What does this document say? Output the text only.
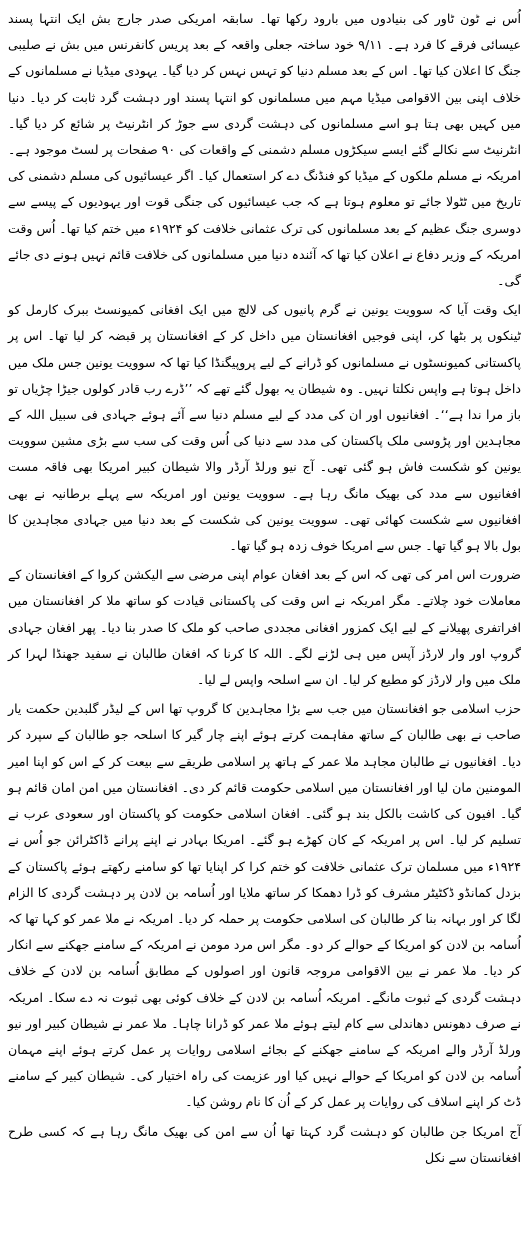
اُس نے ٹون ٹاور کی بنیادوں میں بارود رکھا تھا۔ سابقہ امریکی صدر جارج بش ایک انتہا پسند عیسائی فرقے کا فرد ہے۔ ۹/۱۱ خود ساختہ جعلی واقعہ کے بعد پریس کانفرنس میں بش نے صلیبی جنگ کا اعلان کیا تھا۔ اس کے بعد مسلم دنیا کو تہس نہس کر دیا گیا۔ یہودی میڈیا نے مسلمانوں کے خلاف اپنی بین الاقوامی میڈیا مہم میں مسلمانوں کو انتہا پسند اور دہشت گرد ثابت کر دیا۔ دنیا میں کہیں بھی ہتا ہو اسے مسلمانوں کی دہشت گردی سے جوڑ کر انٹرنیٹ پر شائع کر دیا گیا۔ انٹرنیٹ سے نکالے گئے ایسے سیکڑوں مسلم دشمنی کے واقعات کی ۹۰ صفحات پر لسٹ موجود ہے۔ امریکہ نے مسلم ملکوں کے میڈیا کو فنڈنگ دے کر استعمال کیا۔ اگر عیسائیوں کی مسلم دشمنی کی تاریخ میں ٹٹولا جائے تو معلوم ہوتا ہے کہ جب عیسائیوں کی جنگی قوت اور یہودیوں کے پیسے سے دوسری جنگ عظیم کے بعد مسلمانوں کی ترک عثمانی خلافت کو ۱۹۲۴ء میں ختم کیا تھا۔ اُس وقت امریکہ کے وزیر دفاع نے اعلان کیا تھا کہ آئندہ دنیا میں مسلمانوں کی خلافت قائم نہیں ہونے دی جائے گی۔

ایک وقت آیا کہ سوویت یونین نے گرم پانیوں کی لالچ میں ایک افغانی کمیونسٹ ببرک کارمل کو ٹینکوں پر بٹھا کر، اپنی فوجیں افغانستان میں داخل کر کے افغانستان پر قبضہ کر لیا تھا۔ اس پر پاکستانی کمیونسٹوں نے مسلمانوں کو ڈرانے کے لیے پروپیگنڈا کیا تھا کہ سوویت یونین جس ملک میں داخل ہوتا ہے واپس نکلتا نہیں۔ وہ شیطان یہ بھول گئے تھے کہ ’’ڈرے رب قادر کولوں جیڑا چڑیاں تو باز مرا ندا ہے‘‘۔ افغانیوں اور ان کی مدد کے لیے مسلم دنیا سے آئے ہوئے جہادی فی سبیل اللہ کے مجاہدین اور پڑوسی ملک پاکستان کی مدد سے دنیا کی اُس وقت کی سب سے بڑی مشین سوویت یونین کو شکست فاش ہو گئی تھی۔ آج نیو ورلڈ آرڈر والا شیطان کبیر امریکا بھی فاقہ مست افغانیوں سے مدد کی بھیک مانگ رہا ہے۔ سوویت یونین اور امریکہ سے پہلے برطانیہ نے بھی افغانیوں سے شکست کھائی تھی۔ سوویت یونین کی شکست کے بعد دنیا میں جہادی مجاہدین کا بول بالا ہو گیا تھا۔ جس سے امریکا خوف زدہ ہو گیا تھا۔

ضرورت اس امر کی تھی کہ اس کے بعد افغان عوام اپنی مرضی سے الیکشن کروا کے افغانستان کے معاملات خود چلاتے۔ مگر امریکہ نے اس وقت کی پاکستانی قیادت کو ساتھ ملا کر افغانستان میں افراتفری پھیلانے کے لیے ایک کمزور افغانی مجددی صاحب کو ملک کا صدر بنا دیا۔ پھر افغان جہادی گروپ اور وار لارڈز آپس میں ہی لڑنے لگے۔ اللہ کا کرنا کہ افغان طالبان نے سفید جھنڈا لہرا کر ملک میں وار لارڈز کو مطیع کر لیا۔ ان سے اسلحہ واپس لے لیا۔

حزب اسلامی جو افغانستان میں جب سے بڑا مجاہدین کا گروپ تھا اس کے لیڈر گلبدین حکمت یار صاحب نے بھی طالبان کے ساتھ مفاہمت کرتے ہوئے اپنے چار گیر کا اسلحہ جو طالبان کے سپرد کر دیا۔ افغانیوں نے طالبان مجاہد ملا عمر کے ہاتھ پر اسلامی طریقے سے بیعت کر کے اس کو اپنا امیر المومنین مان لیا اور افغانستان میں اسلامی حکومت قائم کر دی۔ افغانستان میں امن امان قائم ہو گیا۔ افیون کی کاشت بالکل بند ہو گئی۔ افغان اسلامی حکومت کو پاکستان اور سعودی عرب نے تسلیم کر لیا۔ اس پر امریکہ کے کان کھڑے ہو گئے۔ امریکا بہادر نے اپنے پرانے ڈاکٹرائن جو اُس نے ۱۹۲۴ء میں مسلمان ترک عثمانی خلافت کو ختم کرا کر اپنایا تھا کو سامنے رکھتے ہوئے پاکستان کے بزدل کمانڈو ڈکٹیٹر مشرف کو ڈرا دھمکا کر ساتھ ملایا اور اُسامہ بن لادن پر دہشت گردی کا الزام لگا کر اور بہانہ بنا کر طالبان کی اسلامی حکومت پر حملہ کر دیا۔ امریکہ نے ملا عمر کو کہا تھا کہ اُسامہ بن لادن کو امریکا کے حوالے کر دو۔ مگر اس مرد مومن نے امریکہ کے سامنے جھکنے سے انکار کر دیا۔ ملا عمر نے بین الاقوامی مروجہ قانون اور اصولوں کے مطابق اُسامہ بن لادن کے خلاف دہشت گردی کے ثبوت مانگے۔ امریکہ اُسامہ بن لادن کے خلاف کوئی بھی ثبوت نہ دے سکا۔ امریکہ نے صرف دھونس دھاندلی سے کام لیتے ہوئے ملا عمر کو ڈرانا چاہا۔ ملا عمر نے شیطان کبیر اور نیو ورلڈ آرڈر والے امریکہ کے سامنے جھکنے کے بجائے اسلامی روایات پر عمل کرتے ہوئے اپنے مہمان اُسامہ بن لادن کو امریکا کے حوالے نہیں کیا اور عزیمت کی راہ اختیار کی۔ شیطان کبیر کے سامنے ڈٹ کر اپنے اسلاف کی روایات پر عمل کر کے اُن کا نام روشن کیا۔

آج امریکا جن طالبان کو دہشت گرد کہتا تھا اُن سے امن کی بھیک مانگ رہا ہے کہ کسی طرح افغانستان سے نکل
